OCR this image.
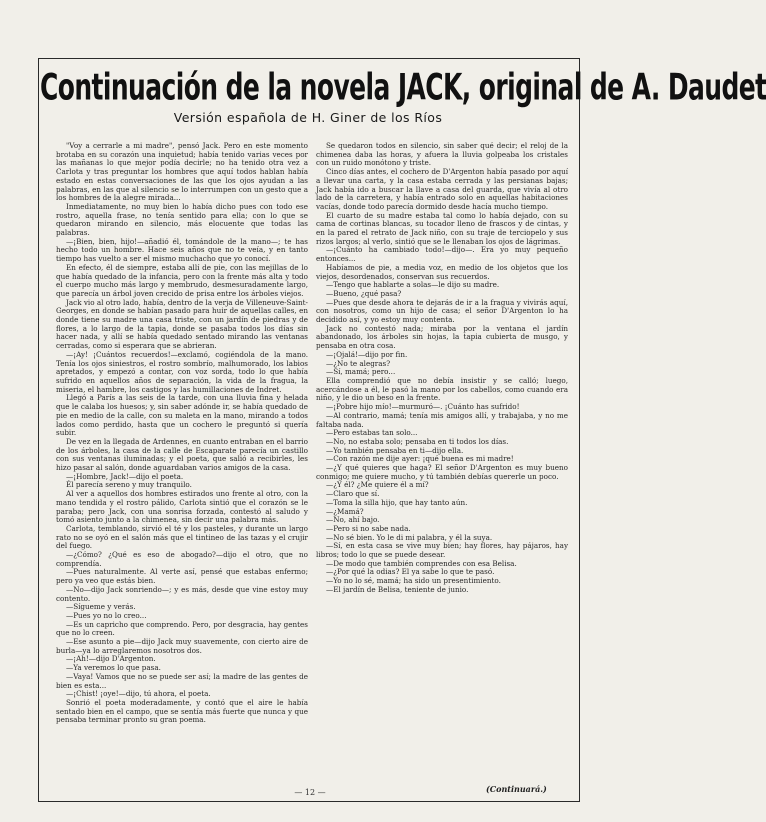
Continuación de la novela JACK, original de A. Daudet
Versión española de H. Giner de los Ríos

"Voy a cerrarle a mi madre", pensó Jack. Pero en este momento brotaba en su corazón una inquietud; había tenido varias veces por las mañanas lo que mejor podía decirle; no ha tenido otra vez a Carlota y tras preguntar los hombres que aquí todos hablan había estado en estas conversaciones de las que los ojos ayudan a las palabras, en las que al silencio se lo interrumpen con un gesto que a los hombres de la alegre mirada...

Inmediatamente, no muy bien lo había dicho pues con todo ese rostro, aquella frase, no tenía sentido para ella; con lo que se quedaron mirando en silencio, más elocuente que todas las palabras.

—¡Bien, bien, hijo!—añadió él, tomándole de la mano—; te has hecho todo un hombre. Hace seis años que no te veía, y en tanto tiempo has vuelto a ser el mismo muchacho que yo conocí.

En efecto, él de siempre, estaba allí de pie, con las mejillas de lo que había quedado de la infancia, pero con la frente más alta y todo el cuerpo mucho más largo y membrudo, desmesuradamente largo, que parecía un árbol joven crecido de prisa entre los árboles viejos.

Jack vio al otro lado, había, dentro de la verja de Villeneuve-Saint-Georges, en donde se habían pasado para huir de aquellas calles, en donde tiene su madre una casa triste, con un jardín de piedras y de flores, a lo largo de la tapia, donde se pasaba todos los días sin hacer nada, y allí se había quedado sentado mirando las ventanas cerradas, como si esperara que se abrieran.

—¡Ay! ¡Cuántos recuerdos!—exclamó, cogiéndola de la mano. Tenía los ojos siniestros, el rostro sombrío, malhumorado, los labios apretados, y empezó a contar, con voz sorda, todo lo que había sufrido en aquellos años de separación, la vida de la fragua, la miseria, el hambre, los castigos y las humillaciones de Indret.

Llegó a París a las seis de la tarde, con una lluvia fina y helada que le calaba los huesos; y, sin saber adónde ir, se había quedado de pie en medio de la calle, con su maleta en la mano, mirando a todos lados como perdido, hasta que un cochero le preguntó si quería subir.

De vez en la llegada de Ardennes, en cuanto entraban en el barrio de los árboles, la casa de la calle de Escaparate parecía un castillo con sus ventanas iluminadas; y el poeta, que salió a recibirles, les hizo pasar al salón, donde aguardaban varios amigos de la casa.

—¡Hombre, Jack!—dijo el poeta.

Él parecía sereno y muy tranquilo.

Al ver a aquellos dos hombres estirados uno frente al otro, con la mano tendida y el rostro pálido, Carlota sintió que el corazón se le paraba; pero Jack, con una sonrisa forzada, contestó al saludo y tomó asiento junto a la chimenea, sin decir una palabra más.

Carlota, temblando, sirvió el té y los pasteles, y durante un largo rato no se oyó en el salón más que el tintineo de las tazas y el crujir del fuego.

—¿Cómo? ¿Qué es eso de abogado?—dijo el otro, que no comprendía.

—Pues naturalmente. Al verte así, pensé que estabas enfermo; pero ya veo que estás bien.

—No—dijo Jack sonriendo—; y es más, desde que vine estoy muy contento.

—Sígueme y verás.

—Pues yo no lo creo...

—Es un capricho que comprendo. Pero, por desgracia, hay gentes que no lo creen.

—Ese asunto a pie—dijo Jack muy suavemente, con cierto aire de burla—ya lo arreglaremos nosotros dos.

—¡Ah!—dijo D'Argenton.

—Ya veremos lo que pasa.

—Vaya! Vamos que no se puede ser así; la madre de las gentes de bien es esta...

—¡Chist! ¡oye!—dijo, tú ahora, el poeta.

Sonrió el poeta moderadamente, y contó que el aire le había sentado bien en el campo, que se sentía más fuerte que nunca y que pensaba terminar pronto su gran poema.

Se quedaron todos en silencio, sin saber qué decir; el reloj de la chimenea daba las horas, y afuera la lluvia golpeaba los cristales con un ruido monótono y triste.

Cinco días antes, el cochero de D'Argenton había pasado por aquí a llevar una carta, y la casa estaba cerrada y las persianas bajas; Jack había ido a buscar la llave a casa del guarda, que vivía al otro lado de la carretera, y había entrado solo en aquellas habitaciones vacías, donde todo parecía dormido desde hacía mucho tiempo.

El cuarto de su madre estaba tal como lo había dejado, con su cama de cortinas blancas, su tocador lleno de frascos y de cintas, y en la pared el retrato de Jack niño, con su traje de terciopelo y sus rizos largos; al verlo, sintió que se le llenaban los ojos de lágrimas.

—¡Cuánto ha cambiado todo!—dijo—. Era yo muy pequeño entonces...

Habíamos de pie, a media voz, en medio de los objetos que los viejos, desordenados, conservan sus recuerdos.

—Tengo que hablarte a solas—le dijo su madre.

—Bueno, ¿qué pasa?

—Pues que desde ahora te dejarás de ir a la fragua y vivirás aquí, con nosotros, como un hijo de casa; el señor D'Argenton lo ha decidido así, y yo estoy muy contenta.

Jack no contestó nada; miraba por la ventana el jardín abandonado, los árboles sin hojas, la tapia cubierta de musgo, y pensaba en otra cosa.

—¡Ojalá!—dijo por fin.

—¿No te alegras?

—Sí, mamá; pero...

Ella comprendió que no debía insistir y se calló; luego, acercándose a él, le pasó la mano por los cabellos, como cuando era niño, y le dio un beso en la frente.

—¡Pobre hijo mío!—murmuró—. ¡Cuánto has sufrido!

—Al contrario, mamá; tenía mis amigos allí, y trabajaba, y no me faltaba nada.

—Pero estabas tan solo...

—No, no estaba solo; pensaba en ti todos los días.

—Yo también pensaba en ti—dijo ella.

—Con razón me dije ayer: ¡qué buena es mi madre!

—¿Y qué quieres que haga? El señor D'Argenton es muy bueno conmigo; me quiere mucho, y tú también debías quererle un poco.

—¿Y él? ¿Me quiere él a mí?

—Claro que sí.

—Toma la silla hijo, que hay tanto aún.

—¿Mamá?

—No, ahí bajo.

—Pero si no sabe nada.

—No sé bien. Yo le di mi palabra, y él la suya.

—Sí, en esta casa se vive muy bien; hay flores, hay pájaros, hay libros; todo lo que se puede desear.

—De modo que también comprendes con esa Belisa.

—¿Por qué la odias? El ya sabe lo que te pasó.

—Yo no lo sé, mamá; ha sido un presentimiento.

—El jardín de Belisa, teniente de junio.

— 12 —	(Continuará.)
·
